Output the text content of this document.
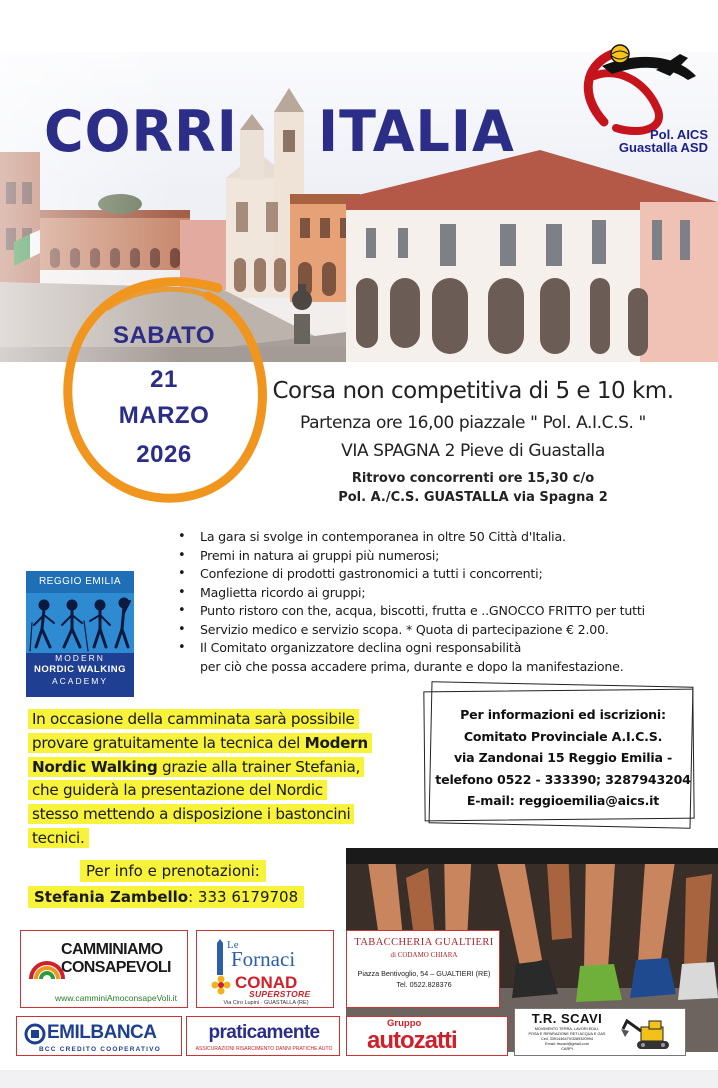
CORRI ITALIA	Pol. AICS
Guastalla ASD
SABATO
21
MARZO
2026
Corsa non competitiva di 5 e 10 km.
Partenza ore 16,00 piazzale " Pol. A.I.C.S. "
VIA SPAGNA 2 Pieve di Guastalla
Ritrovo concorrenti ore 15,30 c/o
Pol. A./C.S. GUASTALLA via Spagna 2
• La gara si svolge in contemporanea in oltre 50 Città d'Italia.
• Premi in natura ai gruppi più numerosi;
• Confezione di prodotti gastronomici a tutti i concorrenti;
• Maglietta ricordo ai gruppi;
• Punto ristoro con the, acqua, biscotti, frutta e ..GNOCCO FRITTO per tutti
• Servizio medico e servizio scopa. * Quota di partecipazione € 2.00.
• Il Comitato organizzatore declina ogni responsabilità
per ciò che possa accadere prima, durante e dopo la manifestazione.
REGGIO EMILIA
MODERN
NORDIC WALKING
ACADEMY
In occasione della camminata sarà possibile
provare gratuitamente la tecnica del Modern
Nordic Walking grazie alla trainer Stefania,
che guiderà la presentazione del Nordic
stesso mettendo a disposizione i bastoncini
tecnici.
Per info e prenotazioni:
Stefania Zambello: 333 6179708
Per informazioni ed iscrizioni:
Comitato Provinciale A.I.C.S.
via Zandonai 15 Reggio Emilia -
telefono 0522 - 333390; 3287943204
E-mail: reggioemilia@aics.it
CAMMINIAMO
CONSAPEVOLI
www.camminiAmoconsapeVoli.it
Le
Fornaci
CONAD
SUPERSTORE
Via Ciro Lupini · GUASTALLA (RE)
TABACCHERIA GUALTIERI
di CODAMO CHIARA
Piazza Bentivoglio, 54 – GUALTIERI (RE)
Tel. 0522.828376
EMILBANCA
BCC CREDITO COOPERATIVO
praticamente
ASSICURAZIONI RISARCIMENTO DANNI PRATICHE AUTO
Gruppo
autozatti
T.R. SCAVI
MOVIMENTO TERRA, LAVORI EDILI,
POSA E RIPARAZIONE RETI ACQUA E GAS
Cell. 3391446479/3289320994
Email: trscavi@gmail.com
CARPI
